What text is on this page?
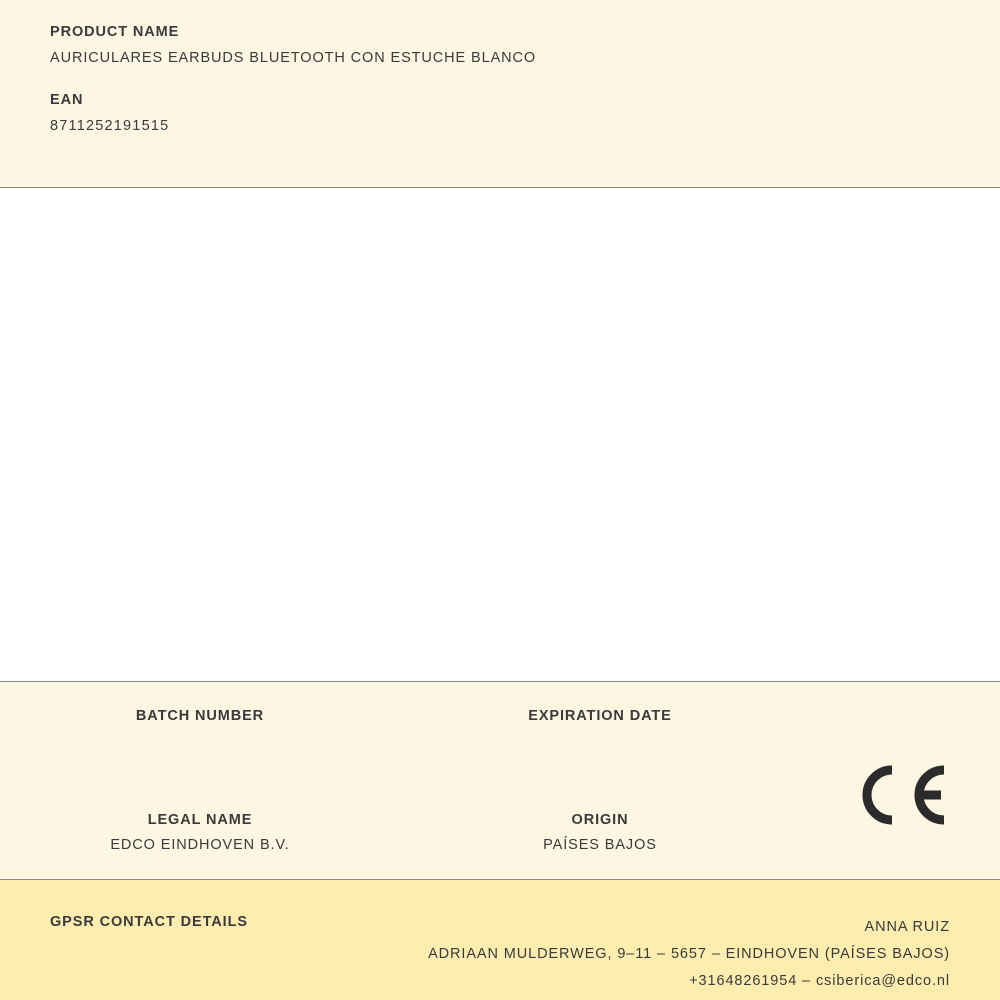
PRODUCT NAME

AURICULARES EARBUDS BLUETOOTH CON ESTUCHE BLANCO

EAN

8711252191515

BATCH NUMBER	EXPIRATION DATE

LEGAL NAME

EDCO EINDHOVEN B.V.

ORIGIN

PAÍSES BAJOS

GPSR CONTACT DETAILS	ANNA RUIZ
ADRIAAN MULDERWEG, 9–11 – 5657 – EINDHOVEN (PAÍSES BAJOS)
+31648261954 – csiberica@edco.nl
